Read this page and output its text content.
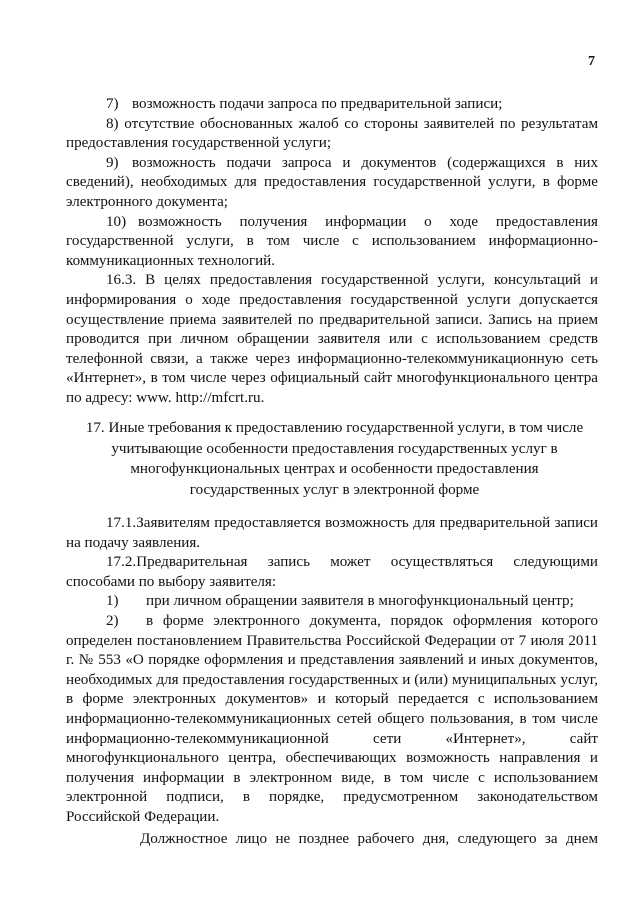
7

7) возможность подачи запроса по предварительной записи;

8) отсутствие обоснованных жалоб со стороны заявителей по результатам предоставления государственной услуги;

9) возможность подачи запроса и документов (содержащихся в них сведений), необходимых для предоставления государственной услуги, в форме электронного документа;

10) возможность получения информации о ходе предоставления государственной услуги, в том числе с использованием информационно-коммуникационных технологий.

16.3. В целях предоставления государственной услуги, консультаций и информирования о ходе предоставления государственной услуги допускается осуществление приема заявителей по предварительной записи. Запись на прием проводится при личном обращении заявителя или с использованием средств телефонной связи, а также через информационно-телекоммуникационную сеть «Интернет», в том числе через официальный сайт многофункционального центра по адресу: www. http://mfcrt.ru.

17. Иные требования к предоставлению государственной услуги, в том числе учитывающие особенности предоставления государственных услуг в многофункциональных центрах и особенности предоставления государственных услуг в электронной форме

17.1.Заявителям предоставляется возможность для предварительной записи на подачу заявления.

17.2.Предварительная запись может осуществляться следующими способами по выбору заявителя:

1) при личном обращении заявителя в многофункциональный центр;

2) в форме электронного документа, порядок оформления которого определен постановлением Правительства Российской Федерации от 7 июля 2011 г. № 553 «О порядке оформления и представления заявлений и иных документов, необходимых для предоставления государственных и (или) муниципальных услуг, в форме электронных документов» и который передается с использованием информационно-телекоммуникационных сетей общего пользования, в том числе информационно-телекоммуникационной сети «Интернет», сайт многофункционального центра, обеспечивающих возможность направления и получения информации в электронном виде, в том числе с использованием электронной подписи, в порядке, предусмотренном законодательством Российской Федерации.

Должностное лицо не позднее рабочего дня, следующего за днем
